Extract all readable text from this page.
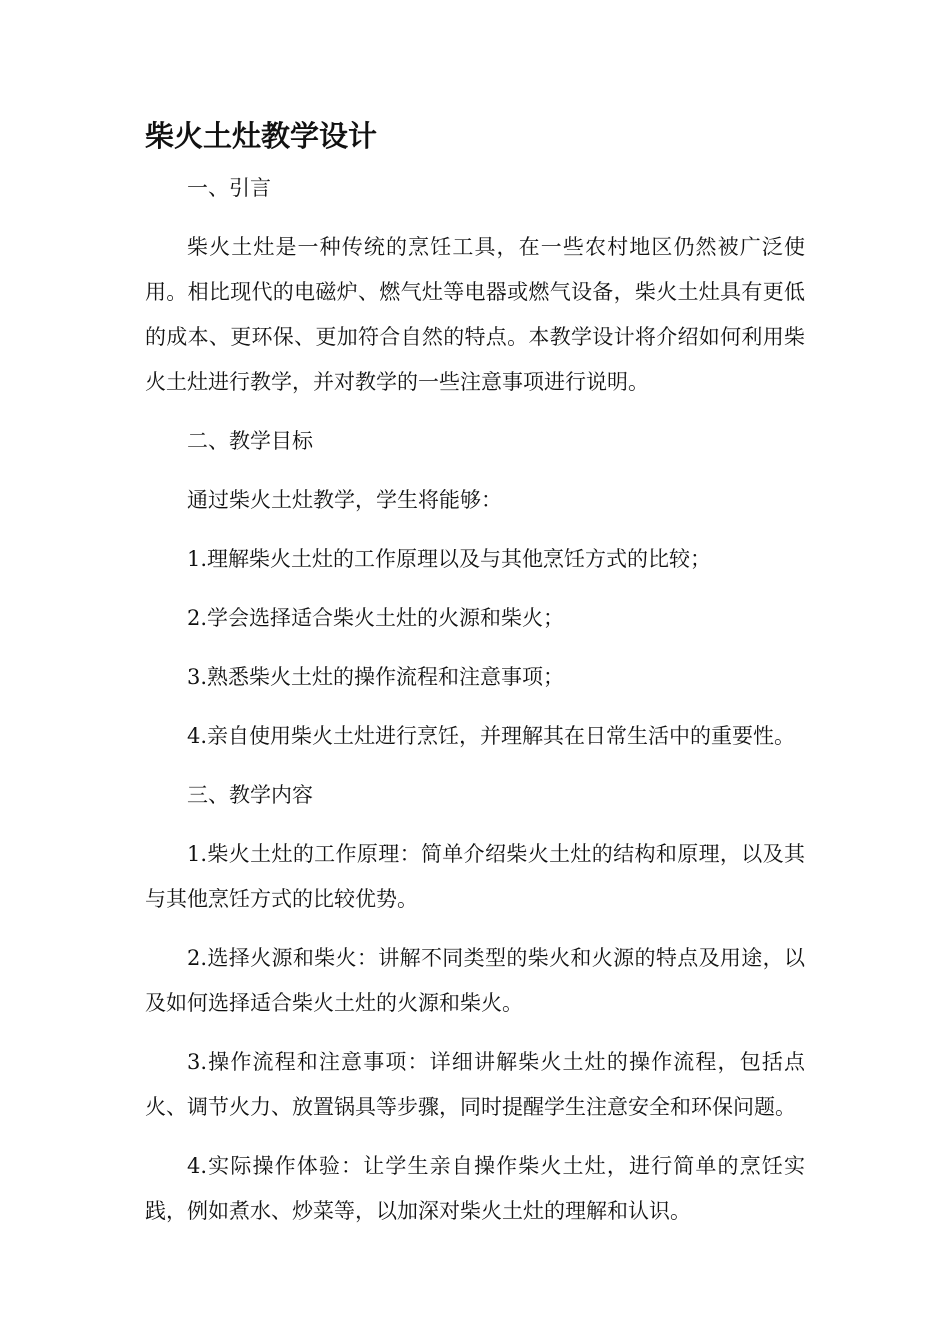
柴火土灶教学设计

一、引言

柴火土灶是一种传统的烹饪工具，在一些农村地区仍然被广泛使用。相比现代的电磁炉、燃气灶等电器或燃气设备，柴火土灶具有更低的成本、更环保、更加符合自然的特点。本教学设计将介绍如何利用柴火土灶进行教学，并对教学的一些注意事项进行说明。

二、教学目标

通过柴火土灶教学，学生将能够：

1.理解柴火土灶的工作原理以及与其他烹饪方式的比较；

2.学会选择适合柴火土灶的火源和柴火；

3.熟悉柴火土灶的操作流程和注意事项；

4.亲自使用柴火土灶进行烹饪，并理解其在日常生活中的重要性。

三、教学内容

1.柴火土灶的工作原理：简单介绍柴火土灶的结构和原理，以及其与其他烹饪方式的比较优势。

2.选择火源和柴火：讲解不同类型的柴火和火源的特点及用途，以及如何选择适合柴火土灶的火源和柴火。

3.操作流程和注意事项：详细讲解柴火土灶的操作流程，包括点火、调节火力、放置锅具等步骤，同时提醒学生注意安全和环保问题。

4.实际操作体验：让学生亲自操作柴火土灶，进行简单的烹饪实践，例如煮水、炒菜等，以加深对柴火土灶的理解和认识。
